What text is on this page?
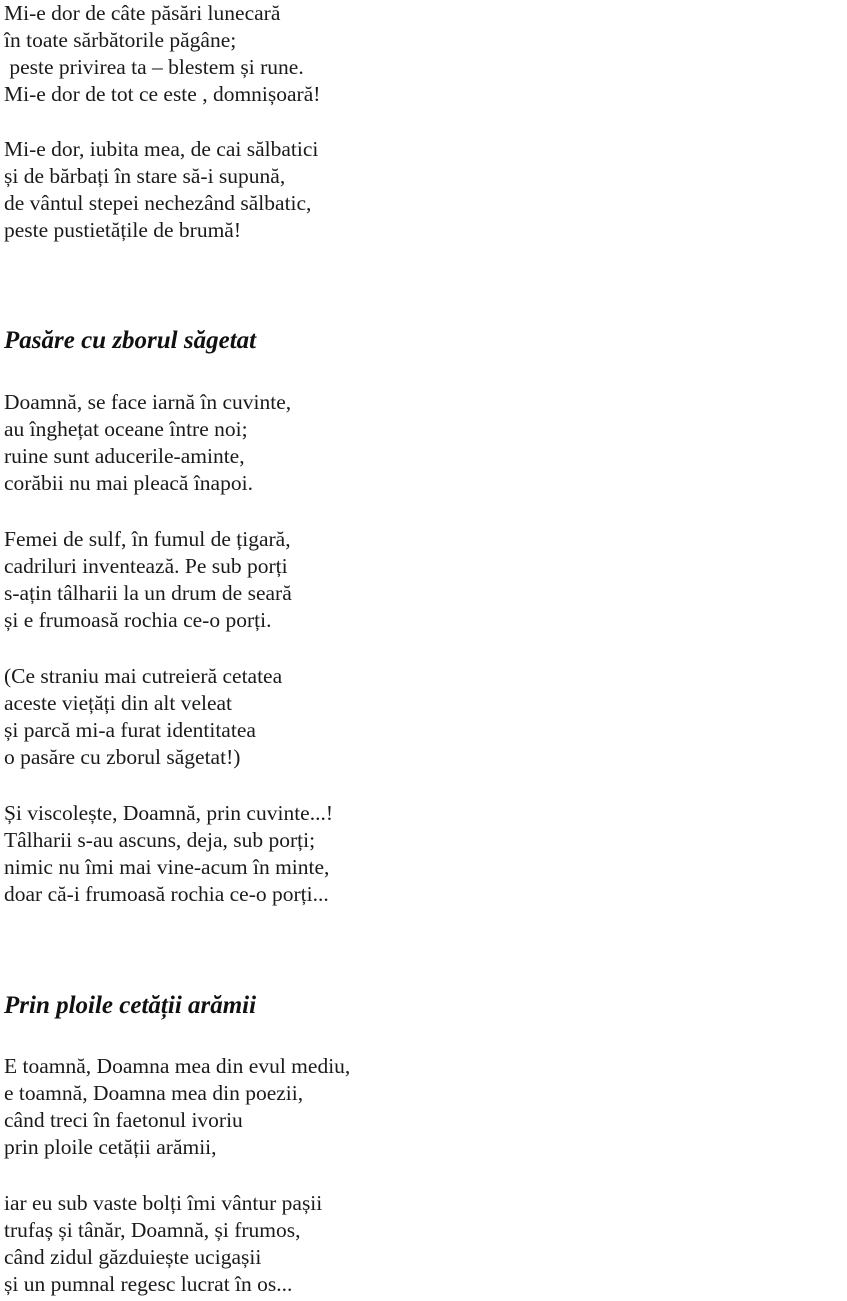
Mi-e dor de câte păsări lunecară
în toate sărbătorile păgâne;
peste privirea ta – blestem și rune.
Mi-e dor de tot ce este , domnișoară!
Mi-e dor, iubita mea, de cai sălbatici
și de bărbați în stare să-i supună,
de vântul stepei nechezând sălbatic,
peste pustietățile de brumă!
Pasăre cu zborul săgetat
Doamnă, se face iarnă în cuvinte,
au înghețat oceane între noi;
ruine sunt aducerile-aminte,
corăbii nu mai pleacă înapoi.
Femei de sulf, în fumul de țigară,
cadriluri inventează. Pe sub porți
s-ațin tâlharii la un drum de seară
și e frumoasă rochia ce-o porți.
(Ce straniu mai cutreieră cetatea
aceste viețăți din alt veleat
și parcă mi-a furat identitatea
o pasăre cu zborul săgetat!)
Și viscolește, Doamnă, prin cuvinte...!
Tâlharii s-au ascuns, deja, sub porți;
nimic nu îmi mai vine-acum în minte,
doar că-i frumoasă rochia ce-o porți...
Prin ploile cetății arămii
E toamnă, Doamna mea din evul mediu,
e toamnă, Doamna mea din poezii,
când treci în faetonul ivoriu
prin ploile cetății arămii,
iar eu sub vaste bolți îmi vântur pașii
trufaș și tânăr, Doamnă, și frumos,
când zidul găzduiește ucigașii
și un pumnal regesc lucrat în os...
